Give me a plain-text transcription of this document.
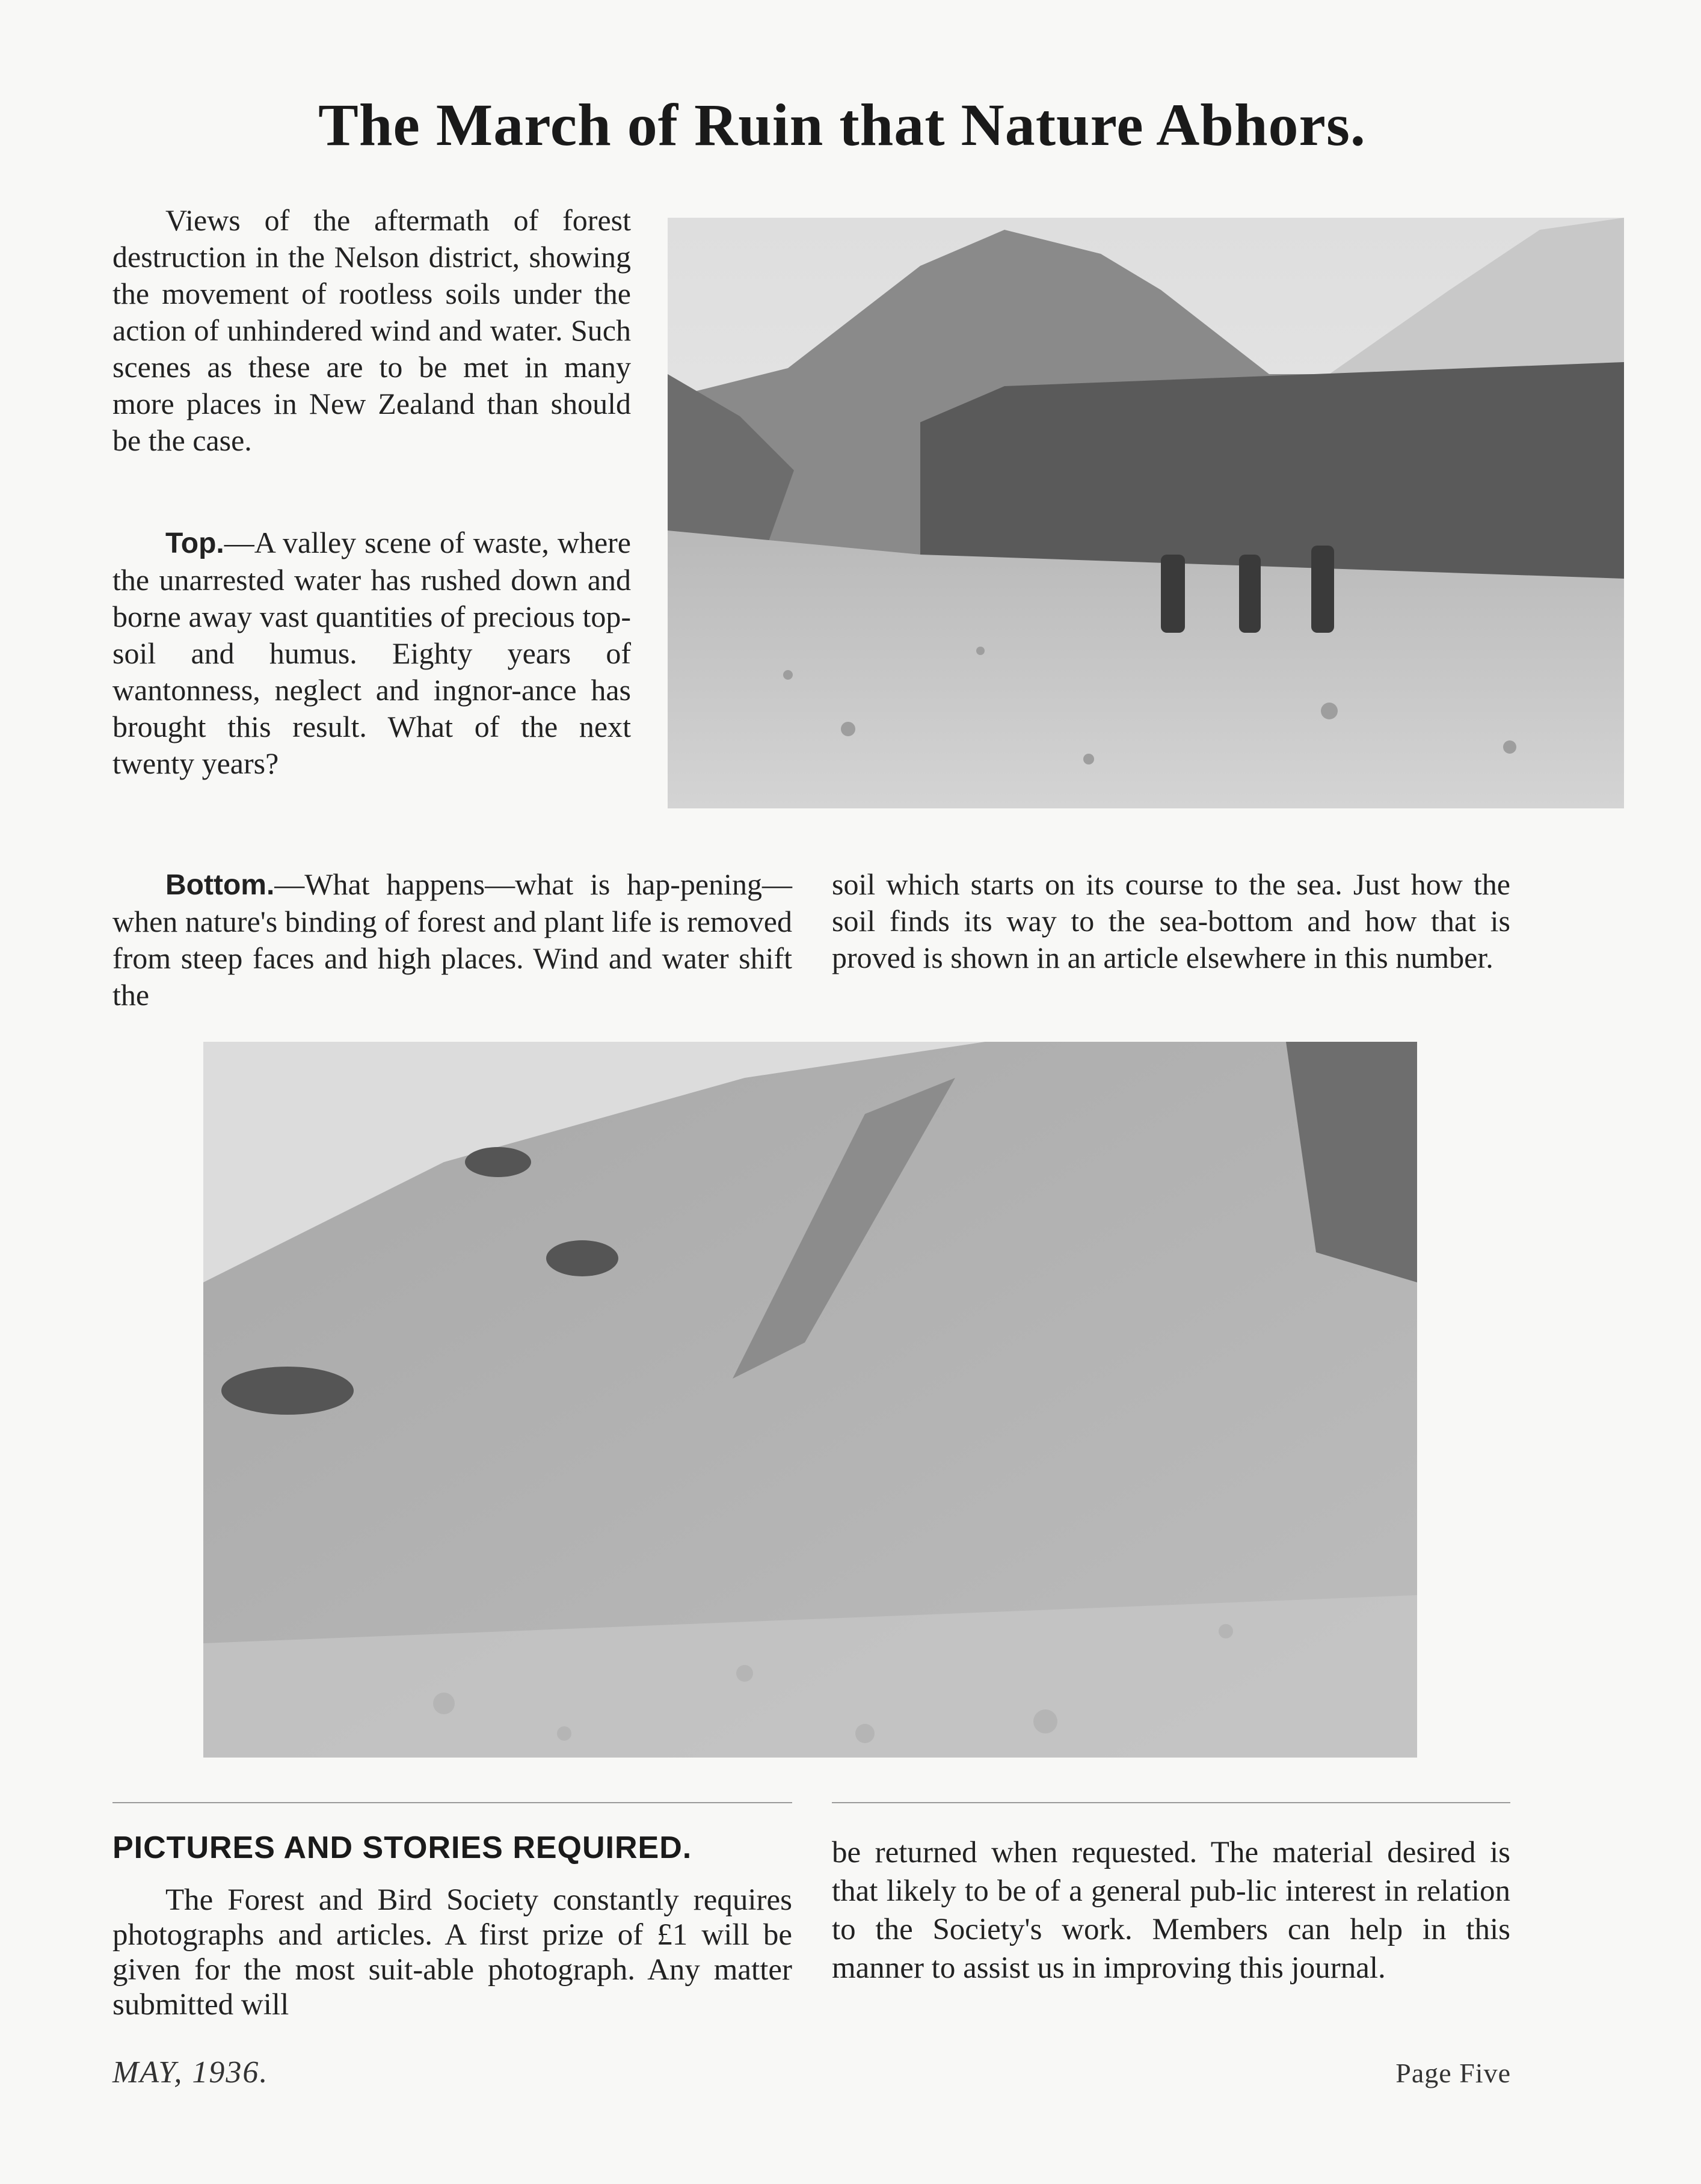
The March of Ruin that Nature Abhors.

Views of the aftermath of forest destruction in the Nelson district, showing the movement of rootless soils under the action of unhindered wind and water. Such scenes as these are to be met in many more places in New Zealand than should be the case.

Top.—A valley scene of waste, where the unarrested water has rushed down and borne away vast quantities of precious top-soil and humus. Eighty years of wantonness, neglect and ingnor-ance has brought this result. What of the next twenty years?

Bottom.—What happens—what is hap-pening—when nature's binding of forest and plant life is removed from steep faces and high places. Wind and water shift the

soil which starts on its course to the sea. Just how the soil finds its way to the sea-bottom and how that is proved is shown in an article elsewhere in this number.

PICTURES AND STORIES REQUIRED.

The Forest and Bird Society constantly requires photographs and articles. A first prize of £1 will be given for the most suit-able photograph. Any matter submitted will

be returned when requested. The material desired is that likely to be of a general pub-lic interest in relation to the Society's work. Members can help in this manner to assist us in improving this journal.

MAY, 1936.	Page Five
